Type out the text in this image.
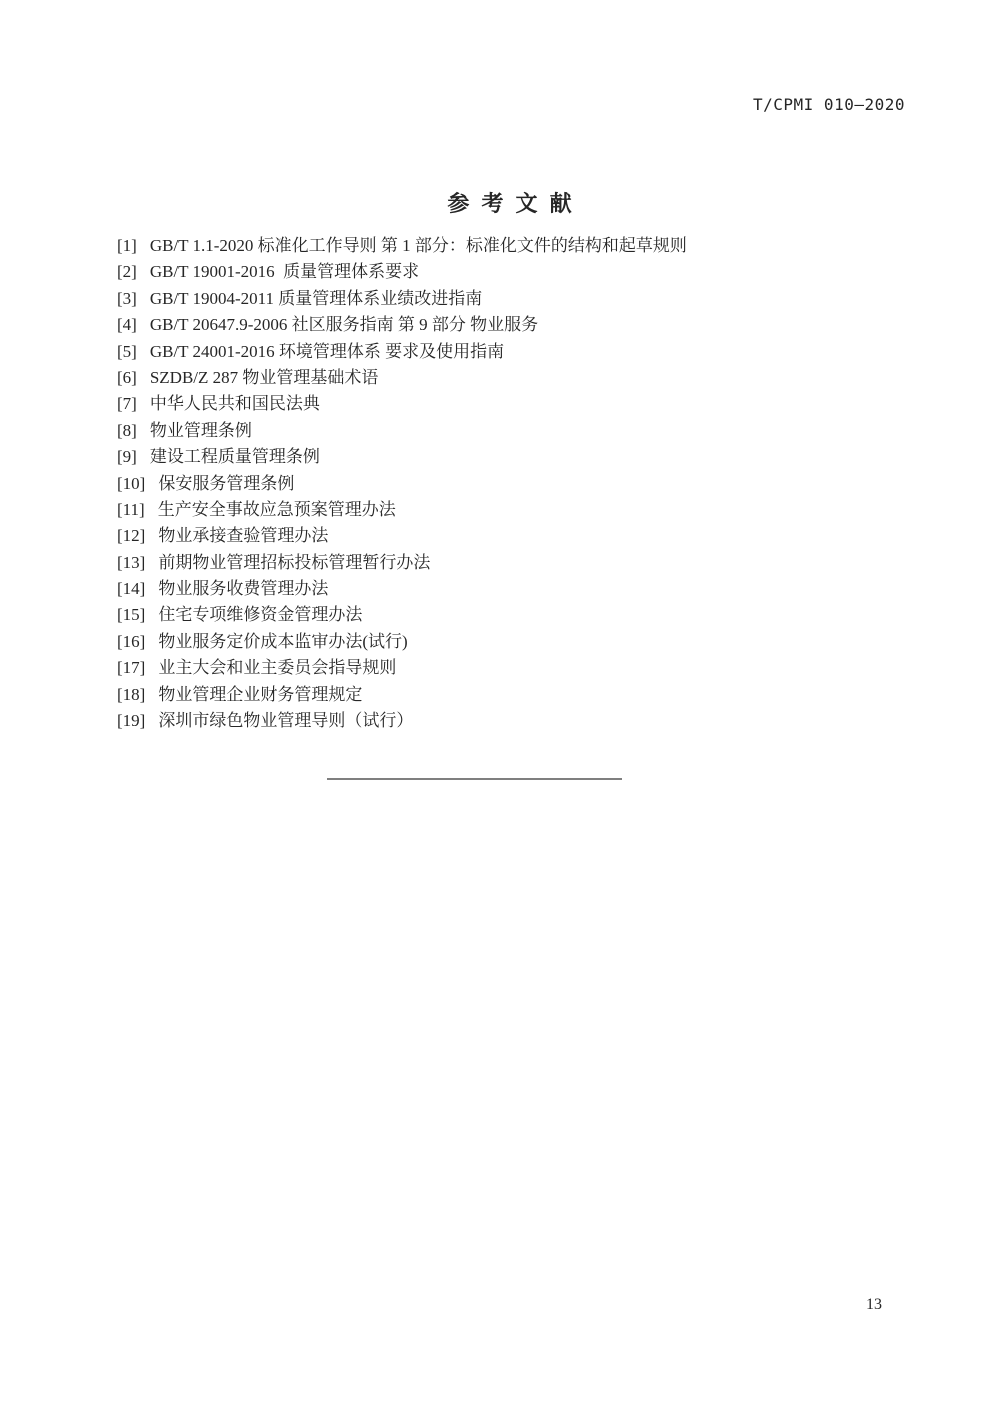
T/CPMI 010—2020
参 考 文 献
[1] GB/T 1.1-2020 标准化工作导则 第 1 部分：标准化文件的结构和起草规则
[2] GB/T 19001-2016  质量管理体系要求
[3] GB/T 19004-2011 质量管理体系业绩改进指南
[4] GB/T 20647.9-2006 社区服务指南 第 9 部分 物业服务
[5] GB/T 24001-2016 环境管理体系 要求及使用指南
[6] SZDB/Z 287 物业管理基础术语
[7] 中华人民共和国民法典
[8] 物业管理条例
[9] 建设工程质量管理条例
[10] 保安服务管理条例
[11] 生产安全事故应急预案管理办法
[12] 物业承接查验管理办法
[13] 前期物业管理招标投标管理暂行办法
[14] 物业服务收费管理办法
[15] 住宅专项维修资金管理办法
[16] 物业服务定价成本监审办法(试行)
[17] 业主大会和业主委员会指导规则
[18] 物业管理企业财务管理规定
[19] 深圳市绿色物业管理导则（试行）
13
